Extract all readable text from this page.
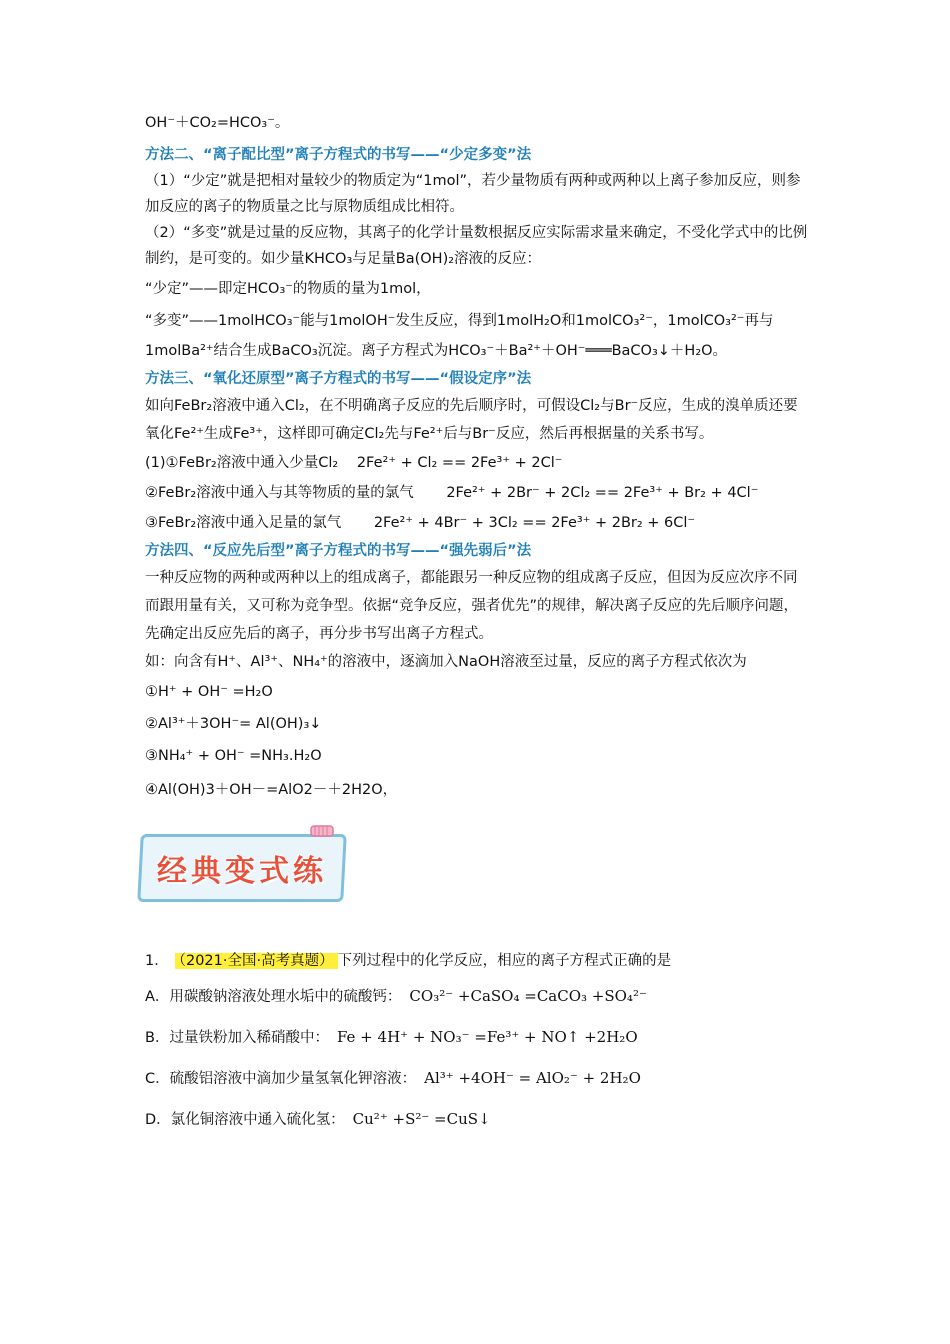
OH⁻＋CO₂=HCO₃⁻。

方法二、“离子配比型”离子方程式的书写——“少定多变”法

（1）“少定”就是把相对量较少的物质定为“1mol”，若少量物质有两种或两种以上离子参加反应，则参加反应的离子的物质量之比与原物质组成比相符。

（2）“多变”就是过量的反应物，其离子的化学计量数根据反应实际需求量来确定，不受化学式中的比例制约，是可变的。如少量KHCO₃与足量Ba(OH)₂溶液的反应：

“少定”——即定HCO₃⁻的物质的量为1mol，

“多变”——1molHCO₃⁻能与1molOH⁻发生反应，得到1molH₂O和1molCO₃²⁻，1molCO₃²⁻再与1molBa²⁺结合生成BaCO₃沉淀。离子方程式为HCO₃⁻＋Ba²⁺＋OH⁻═══BaCO₃↓＋H₂O。

方法三、“氧化还原型”离子方程式的书写——“假设定序”法

如向FeBr₂溶液中通入Cl₂，在不明确离子反应的先后顺序时，可假设Cl₂与Br⁻反应，生成的溴单质还要氧化Fe²⁺生成Fe³⁺，这样即可确定Cl₂先与Fe²⁺后与Br⁻反应，然后再根据量的关系书写。

(1)①FeBr₂溶液中通入少量Cl₂ 2Fe²⁺ + Cl₂ == 2Fe³⁺ + 2Cl⁻

②FeBr₂溶液中通入与其等物质的量的氯气 2Fe²⁺ + 2Br⁻ + 2Cl₂ == 2Fe³⁺ + Br₂ + 4Cl⁻

③FeBr₂溶液中通入足量的氯气 2Fe²⁺ + 4Br⁻ + 3Cl₂ == 2Fe³⁺ + 2Br₂ + 6Cl⁻

方法四、“反应先后型”离子方程式的书写——“强先弱后”法

一种反应物的两种或两种以上的组成离子，都能跟另一种反应物的组成离子反应，但因为反应次序不同而跟用量有关，又可称为竞争型。依据“竞争反应，强者优先”的规律，解决离子反应的先后顺序问题，先确定出反应先后的离子，再分步书写出离子方程式。

如：向含有H⁺、Al³⁺、NH₄⁺的溶液中，逐滴加入NaOH溶液至过量，反应的离子方程式依次为

①H⁺ + OH⁻ =H₂O

②Al³⁺＋3OH⁻= Al(OH)₃↓

③NH₄⁺ + OH⁻ =NH₃.H₂O

④Al(OH)3＋OH－=AlO2－＋2H2O，

经典变式练

1． （2021·全国·高考真题） 下列过程中的化学反应，相应的离子方程式正确的是

A．用碳酸钠溶液处理水垢中的硫酸钙： CO₃²⁻ +CaSO₄ =CaCO₃ +SO₄²⁻

B．过量铁粉加入稀硝酸中： Fe + 4H⁺ + NO₃⁻ =Fe³⁺ + NO↑ +2H₂O

C．硫酸铝溶液中滴加少量氢氧化钾溶液： Al³⁺ +4OH⁻ = AlO₂⁻ + 2H₂O

D．氯化铜溶液中通入硫化氢： Cu²⁺ +S²⁻ =CuS↓
